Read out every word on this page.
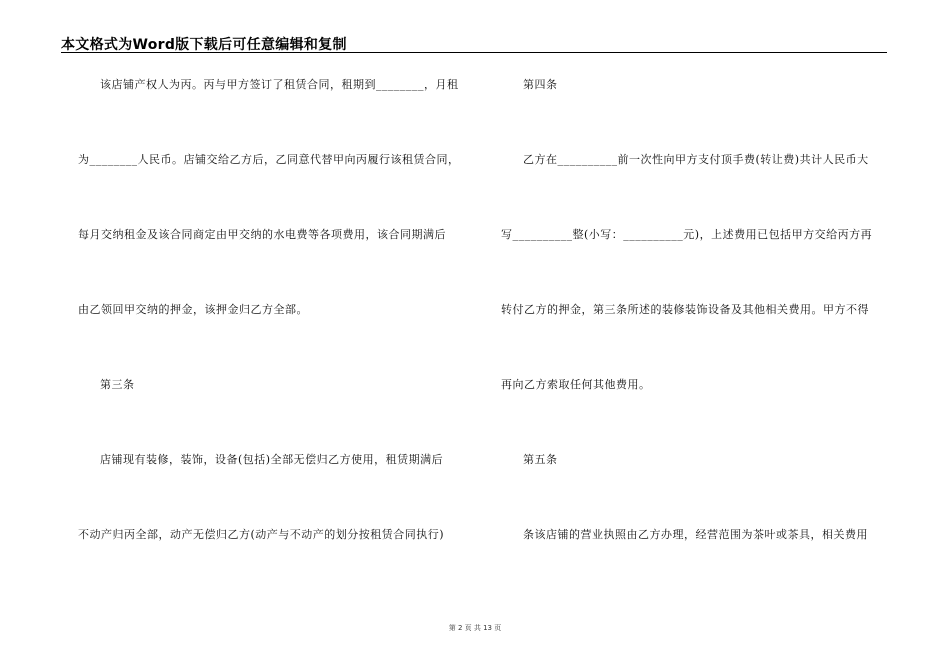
本文格式为Word版下载后可任意编辑和复制
该店铺产权人为丙。丙与甲方签订了租赁合同，租期到________，月租
为________人民币。店铺交给乙方后，乙同意代替甲向丙履行该租赁合同，
每月交纳租金及该合同商定由甲交纳的水电费等各项费用，该合同期满后
由乙领回甲交纳的押金，该押金归乙方全部。
第三条
店铺现有装修，装饰，设备(包括)全部无偿归乙方使用，租赁期满后
不动产归丙全部，动产无偿归乙方(动产与不动产的划分按租赁合同执行)
第四条
乙方在__________前一次性向甲方支付顶手费(转让费)共计人民币大
写__________整(小写：__________元)，上述费用已包括甲方交给丙方再
转付乙方的押金，第三条所述的装修装饰设备及其他相关费用。甲方不得
再向乙方索取任何其他费用。
第五条
条该店铺的营业执照由乙方办理，经营范围为茶叶或茶具，相关费用
第 2 页 共 13 页
